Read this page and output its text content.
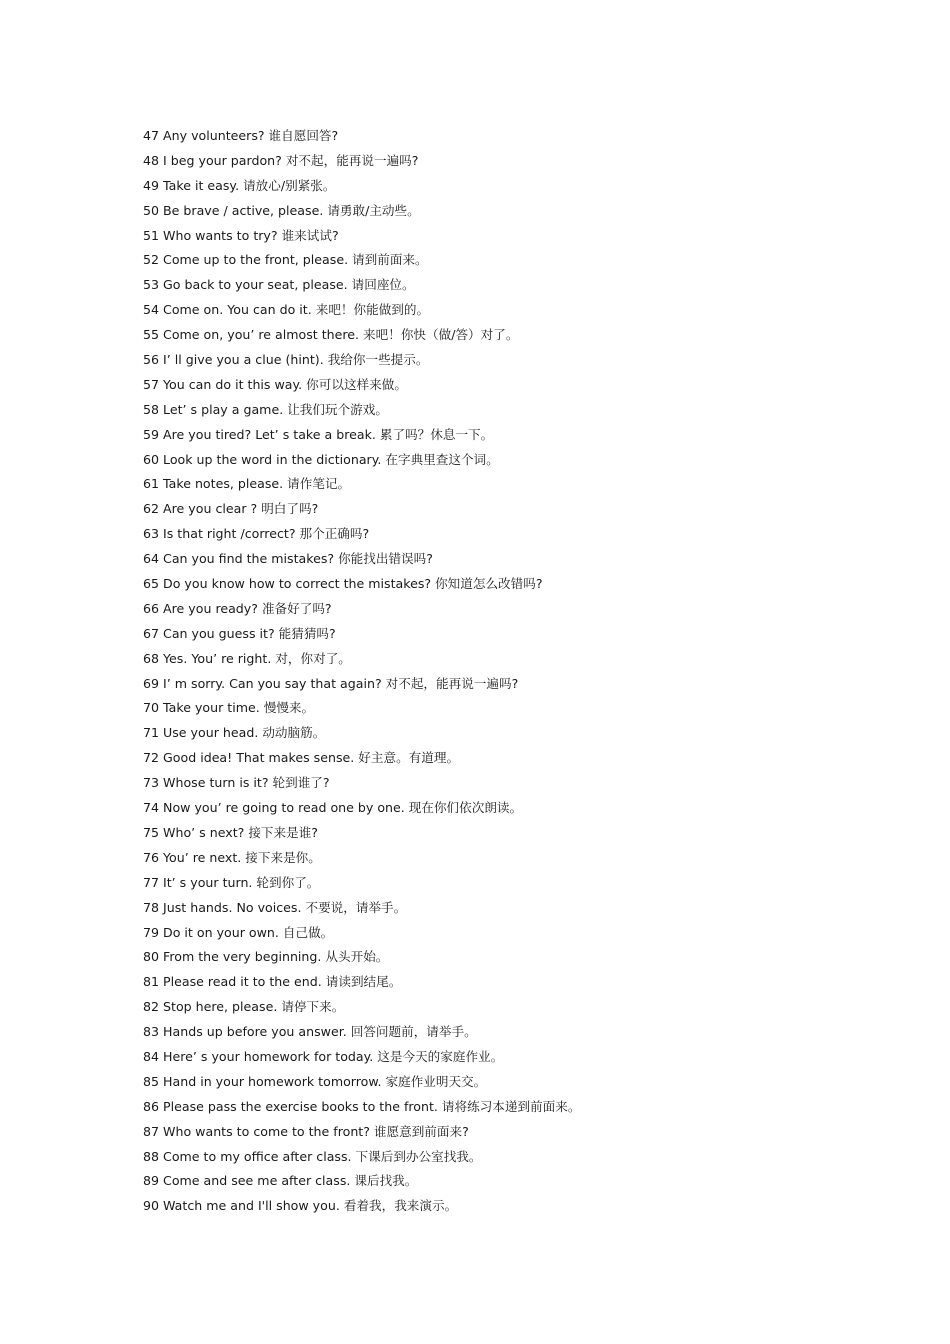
47 Any volunteers? 谁自愿回答?
48 I beg your pardon? 对不起，能再说一遍吗?
49 Take it easy. 请放心/别紧张。
50 Be brave / active, please. 请勇敢/主动些。
51 Who wants to try? 谁来试试?
52 Come up to the front, please. 请到前面来。
53 Go back to your seat, please. 请回座位。
54 Come on. You can do it. 来吧！你能做到的。
55 Come on, you’ re almost there. 来吧！你快（做/答）对了。
56 I’ ll give you a clue (hint). 我给你一些提示。
57 You can do it this way. 你可以这样来做。
58 Let’ s play a game. 让我们玩个游戏。
59 Are you tired? Let’ s take a break. 累了吗？休息一下。
60 Look up the word in the dictionary. 在字典里查这个词。
61 Take notes, please. 请作笔记。
62 Are you clear ? 明白了吗?
63 Is that right /correct? 那个正确吗?
64 Can you find the mistakes? 你能找出错误吗?
65 Do you know how to correct the mistakes? 你知道怎么改错吗?
66 Are you ready? 准备好了吗?
67 Can you guess it? 能猜猜吗?
68 Yes. You’ re right. 对，你对了。
69 I’ m sorry. Can you say that again? 对不起，能再说一遍吗?
70 Take your time. 慢慢来。
71 Use your head. 动动脑筋。
72 Good idea! That makes sense. 好主意。有道理。
73 Whose turn is it? 轮到谁了?
74 Now you’ re going to read one by one. 现在你们依次朗读。
75 Who’ s next? 接下来是谁?
76 You’ re next. 接下来是你。
77 It’ s your turn. 轮到你了。
78 Just hands. No voices. 不要说，请举手。
79 Do it on your own. 自己做。
80 From the very beginning. 从头开始。
81 Please read it to the end. 请读到结尾。
82 Stop here, please. 请停下来。
83 Hands up before you answer. 回答问题前，请举手。
84 Here’ s your homework for today. 这是今天的家庭作业。
85 Hand in your homework tomorrow. 家庭作业明天交。
86 Please pass the exercise books to the front. 请将练习本递到前面来。
87 Who wants to come to the front? 谁愿意到前面来?
88 Come to my office after class. 下课后到办公室找我。
89 Come and see me after class. 课后找我。
90 Watch me and I'll show you. 看着我，我来演示。
